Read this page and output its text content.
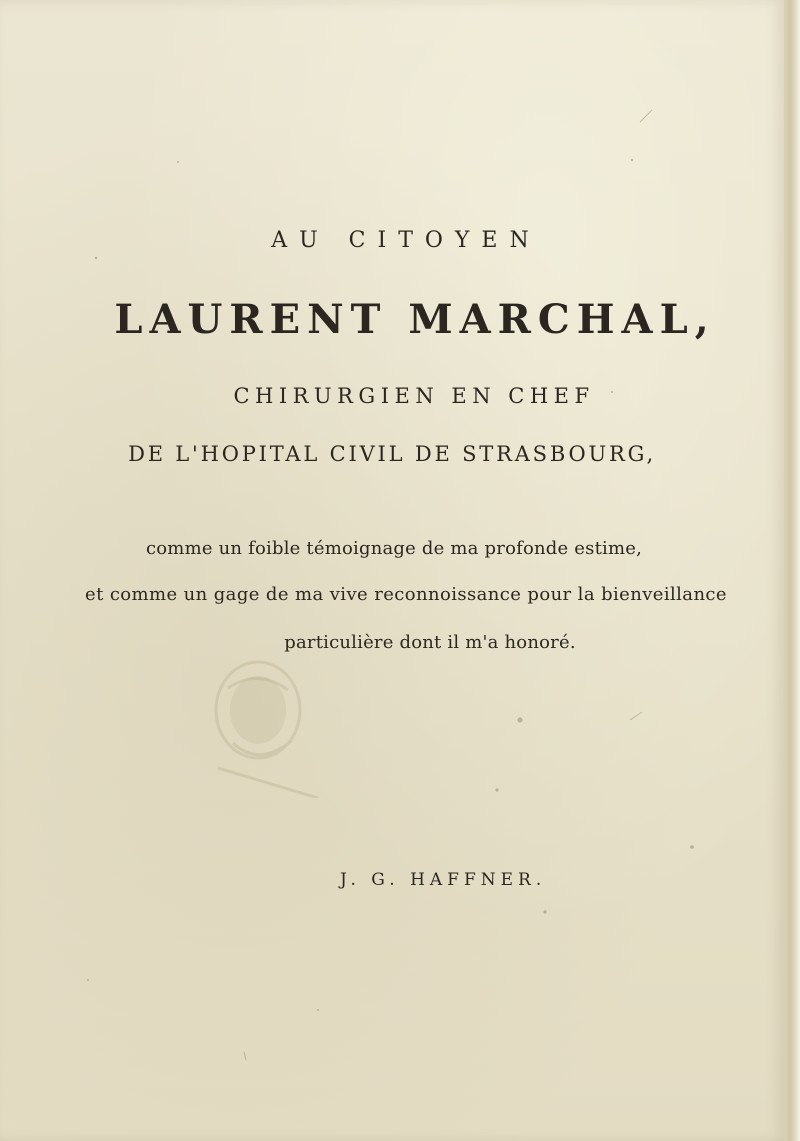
AU CITOYEN
LAURENT MARCHAL,
CHIRURGIEN EN CHEF
DE L'HOPITAL CIVIL DE STRASBOURG,
comme un foible témoignage de ma profonde estime,
et comme un gage de ma vive reconnoissance pour la bienveillance
particulière dont il m'a honoré.
J. G. HAFFNER.
